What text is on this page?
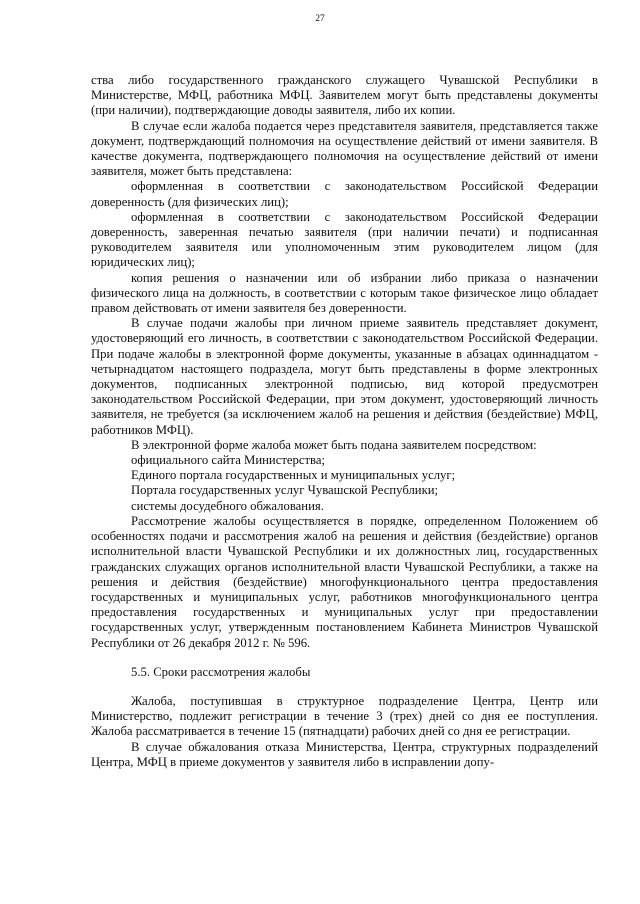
27

ства либо государственного гражданского служащего Чувашской Республики в Министерстве, МФЦ, работника МФЦ. Заявителем могут быть представлены документы (при наличии), подтверждающие доводы заявителя, либо их копии.

В случае если жалоба подается через представителя заявителя, представляется также документ, подтверждающий полномочия на осуществление действий от имени заявителя. В качестве документа, подтверждающего полномочия на осуществление действий от имени заявителя, может быть представлена:

оформленная в соответствии с законодательством Российской Федерации доверенность (для физических лиц);

оформленная в соответствии с законодательством Российской Федерации доверенность, заверенная печатью заявителя (при наличии печати) и подписанная руководителем заявителя или уполномоченным этим руководителем лицом (для юридических лиц);

копия решения о назначении или об избрании либо приказа о назначении физического лица на должность, в соответствии с которым такое физическое лицо обладает правом действовать от имени заявителя без доверенности.

В случае подачи жалобы при личном приеме заявитель представляет документ, удостоверяющий его личность, в соответствии с законодательством Российской Федерации. При подаче жалобы в электронной форме документы, указанные в абзацах одиннадцатом - четырнадцатом настоящего подраздела, могут быть представлены в форме электронных документов, подписанных электронной подписью, вид которой предусмотрен законодательством Российской Федерации, при этом документ, удостоверяющий личность заявителя, не требуется (за исключением жалоб на решения и действия (бездействие) МФЦ, работников МФЦ).

В электронной форме жалоба может быть подана заявителем посредством:

официального сайта Министерства;

Единого портала государственных и муниципальных услуг;

Портала государственных услуг Чувашской Республики;

системы досудебного обжалования.

Рассмотрение жалобы осуществляется в порядке, определенном Положением об особенностях подачи и рассмотрения жалоб на решения и действия (бездействие) органов исполнительной власти Чувашской Республики и их должностных лиц, государственных гражданских служащих органов исполнительной власти Чувашской Республики, а также на решения и действия (бездействие) многофункционального центра предоставления государственных и муниципальных услуг, работников многофункционального центра предоставления государственных и муниципальных услуг при предоставлении государственных услуг, утвержденным постановлением Кабинета Министров Чувашской Республики от 26 декабря 2012 г. № 596.

5.5. Сроки рассмотрения жалобы

Жалоба, поступившая в структурное подразделение Центра, Центр или Министерство, подлежит регистрации в течение 3 (трех) дней со дня ее поступления. Жалоба рассматривается в течение 15 (пятнадцати) рабочих дней со дня ее регистрации.

В случае обжалования отказа Министерства, Центра, структурных подразделений Центра, МФЦ в приеме документов у заявителя либо в исправлении допу-
